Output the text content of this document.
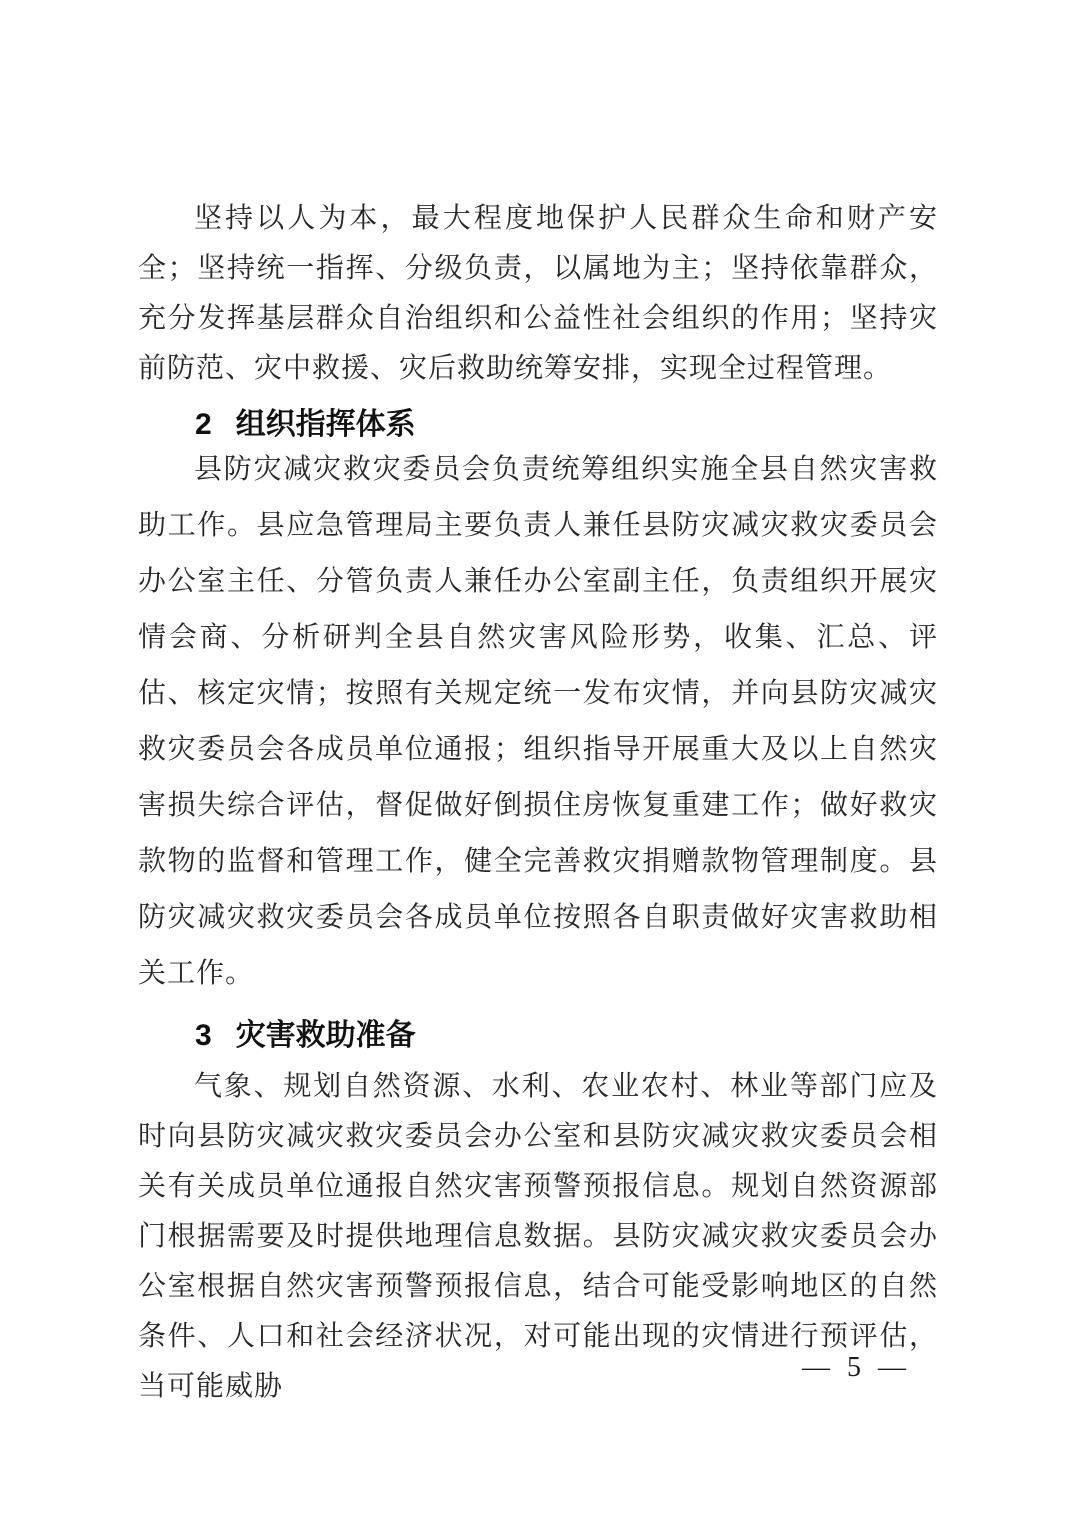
坚持以人为本，最大程度地保护人民群众生命和财产安全；坚持统一指挥、分级负责，以属地为主；坚持依靠群众，充分发挥基层群众自治组织和公益性社会组织的作用；坚持灾前防范、灾中救援、灾后救助统筹安排，实现全过程管理。

2 组织指挥体系

县防灾减灾救灾委员会负责统筹组织实施全县自然灾害救助工作。县应急管理局主要负责人兼任县防灾减灾救灾委员会办公室主任、分管负责人兼任办公室副主任，负责组织开展灾情会商、分析研判全县自然灾害风险形势，收集、汇总、评估、核定灾情；按照有关规定统一发布灾情，并向县防灾减灾救灾委员会各成员单位通报；组织指导开展重大及以上自然灾害损失综合评估，督促做好倒损住房恢复重建工作；做好救灾款物的监督和管理工作，健全完善救灾捐赠款物管理制度。县防灾减灾救灾委员会各成员单位按照各自职责做好灾害救助相关工作。

3 灾害救助准备

气象、规划自然资源、水利、农业农村、林业等部门应及时向县防灾减灾救灾委员会办公室和县防灾减灾救灾委员会相关有关成员单位通报自然灾害预警预报信息。规划自然资源部门根据需要及时提供地理信息数据。县防灾减灾救灾委员会办公室根据自然灾害预警预报信息，结合可能受影响地区的自然条件、人口和社会经济状况，对可能出现的灾情进行预评估，当可能威胁

— 5 —
